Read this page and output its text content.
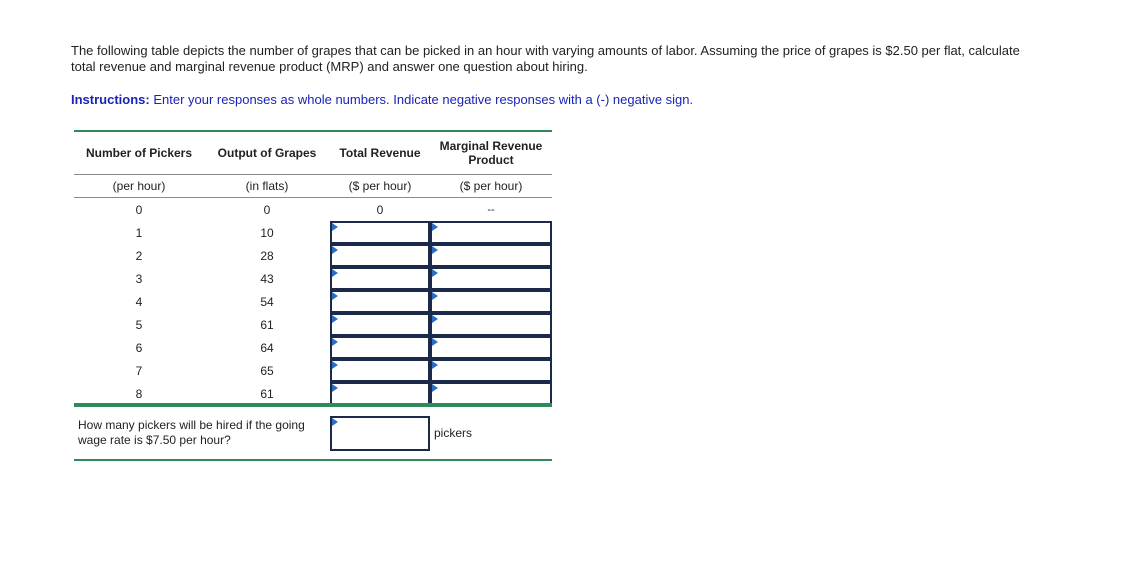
The following table depicts the number of grapes that can be picked in an hour with varying amounts of labor. Assuming the price of grapes is $2.50 per flat, calculate
total revenue and marginal revenue product (MRP) and answer one question about hiring.

Instructions: Enter your responses as whole numbers. Indicate negative responses with a (-) negative sign.

Number of Pickers	Output of Grapes	Total Revenue	Marginal Revenue
Product
(per hour)	(in flats)	($ per hour)	($ per hour)
0	0	0	--
1	10	

2	28	

3	43	

4	54	

5	61	

6	64	

7	65	

8	61	

How many pickers will be hired if the going
wage rate is $7.50 per hour?	pickers
